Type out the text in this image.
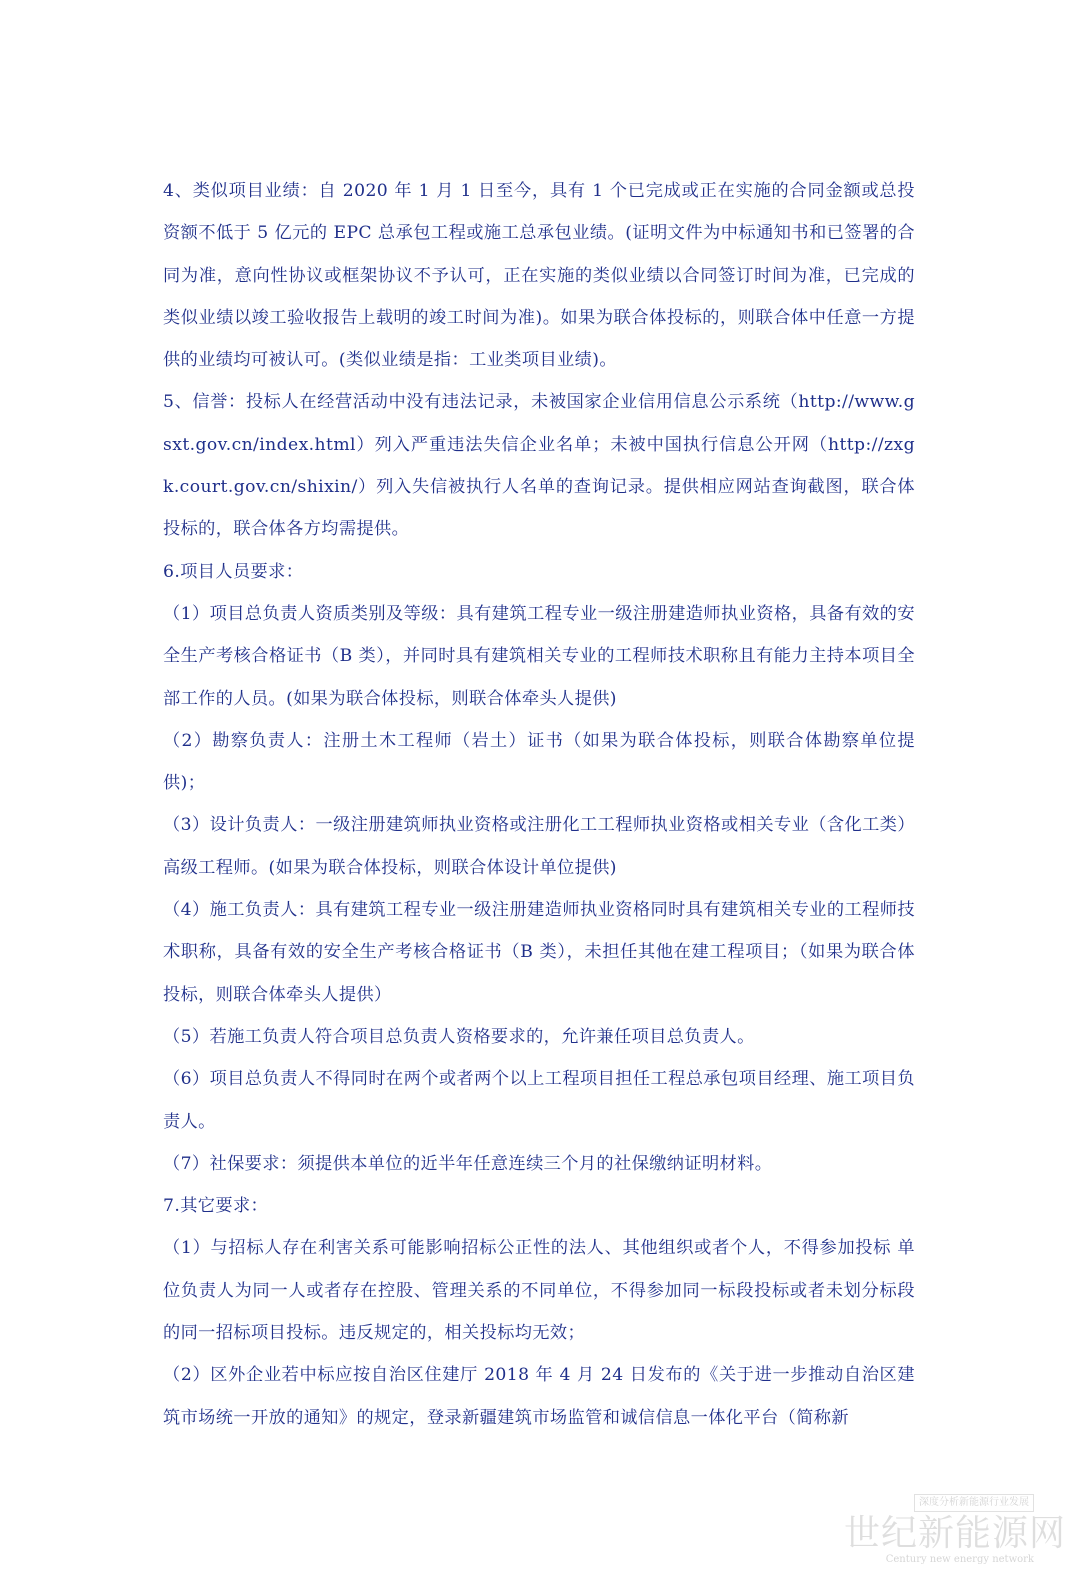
4、类似项目业绩：自 2020 年 1 月 1 日至今，具有 1 个已完成或正在实施的合同金额或总投资额不低于 5 亿元的 EPC 总承包工程或施工总承包业绩。(证明文件为中标通知书和已签署的合同为准，意向性协议或框架协议不予认可，正在实施的类似业绩以合同签订时间为准，已完成的类似业绩以竣工验收报告上载明的竣工时间为准)。如果为联合体投标的，则联合体中任意一方提供的业绩均可被认可。(类似业绩是指：工业类项目业绩)。

5、信誉：投标人在经营活动中没有违法记录，未被国家企业信用信息公示系统（http://www.gsxt.gov.cn/index.html）列入严重违法失信企业名单；未被中国执行信息公开网（http://zxgk.court.gov.cn/shixin/）列入失信被执行人名单的查询记录。提供相应网站查询截图，联合体投标的，联合体各方均需提供。

6.项目人员要求：

（1）项目总负责人资质类别及等级：具有建筑工程专业一级注册建造师执业资格，具备有效的安全生产考核合格证书（B 类），并同时具有建筑相关专业的工程师技术职称且有能力主持本项目全部工作的人员。(如果为联合体投标，则联合体牵头人提供)

（2）勘察负责人：注册土木工程师（岩土）证书（如果为联合体投标，则联合体勘察单位提供)；

（3）设计负责人：一级注册建筑师执业资格或注册化工工程师执业资格或相关专业（含化工类）高级工程师。(如果为联合体投标，则联合体设计单位提供)

（4）施工负责人：具有建筑工程专业一级注册建造师执业资格同时具有建筑相关专业的工程师技术职称，具备有效的安全生产考核合格证书（B 类），未担任其他在建工程项目；（如果为联合体投标，则联合体牵头人提供）

（5）若施工负责人符合项目总负责人资格要求的，允许兼任项目总负责人。

（6）项目总负责人不得同时在两个或者两个以上工程项目担任工程总承包项目经理、施工项目负责人。

（7）社保要求：须提供本单位的近半年任意连续三个月的社保缴纳证明材料。

7.其它要求：

（1）与招标人存在利害关系可能影响招标公正性的法人、其他组织或者个人，不得参加投标 单位负责人为同一人或者存在控股、管理关系的不同单位，不得参加同一标段投标或者未划分标段的同一招标项目投标。违反规定的，相关投标均无效；

（2）区外企业若中标应按自治区住建厅 2018 年 4 月 24 日发布的《关于进一步推动自治区建筑市场统一开放的通知》的规定，登录新疆建筑市场监管和诚信信息一体化平台（简称新

深度分析新能源行业发展
世纪新能源网
Century new energy network
